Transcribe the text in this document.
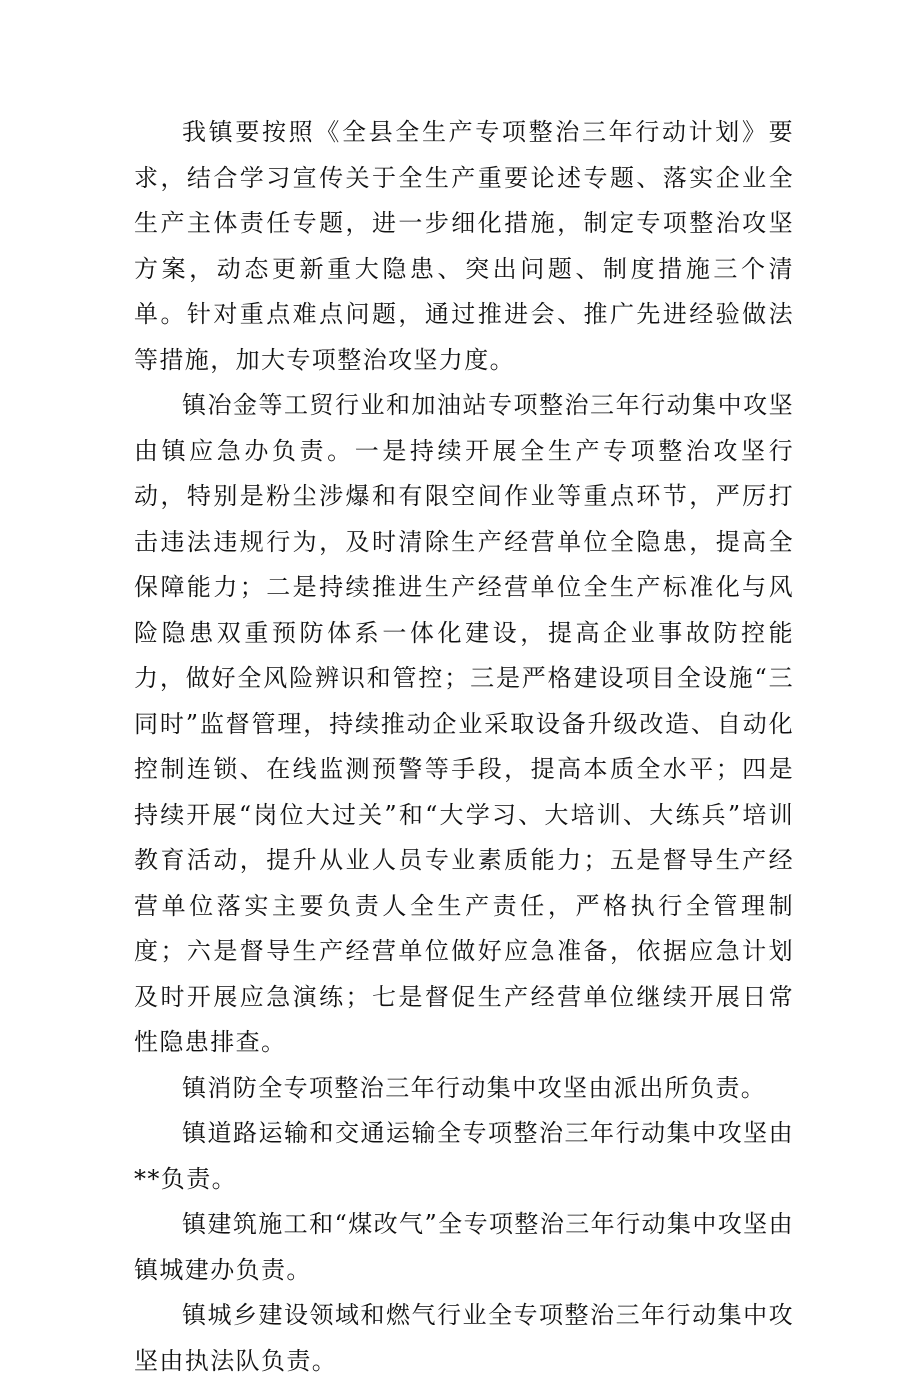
我镇要按照《全县全生产专项整治三年行动计划》要求，结合学习宣传关于全生产重要论述专题、落实企业全生产主体责任专题，进一步细化措施，制定专项整治攻坚方案，动态更新重大隐患、突出问题、制度措施三个清单。针对重点难点问题，通过推进会、推广先进经验做法等措施，加大专项整治攻坚力度。

镇冶金等工贸行业和加油站专项整治三年行动集中攻坚由镇应急办负责。一是持续开展全生产专项整治攻坚行动，特别是粉尘涉爆和有限空间作业等重点环节，严厉打击违法违规行为，及时清除生产经营单位全隐患，提高全保障能力；二是持续推进生产经营单位全生产标准化与风险隐患双重预防体系一体化建设，提高企业事故防控能力，做好全风险辨识和管控；三是严格建设项目全设施“三同时”监督管理，持续推动企业采取设备升级改造、自动化控制连锁、在线监测预警等手段，提高本质全水平；四是持续开展“岗位大过关”和“大学习、大培训、大练兵”培训教育活动，提升从业人员专业素质能力；五是督导生产经营单位落实主要负责人全生产责任，严格执行全管理制度；六是督导生产经营单位做好应急准备，依据应急计划及时开展应急演练；七是督促生产经营单位继续开展日常性隐患排查。

镇消防全专项整治三年行动集中攻坚由派出所负责。

镇道路运输和交通运输全专项整治三年行动集中攻坚由**负责。

镇建筑施工和“煤改气”全专项整治三年行动集中攻坚由镇城建办负责。

镇城乡建设领域和燃气行业全专项整治三年行动集中攻坚由执法队负责。
